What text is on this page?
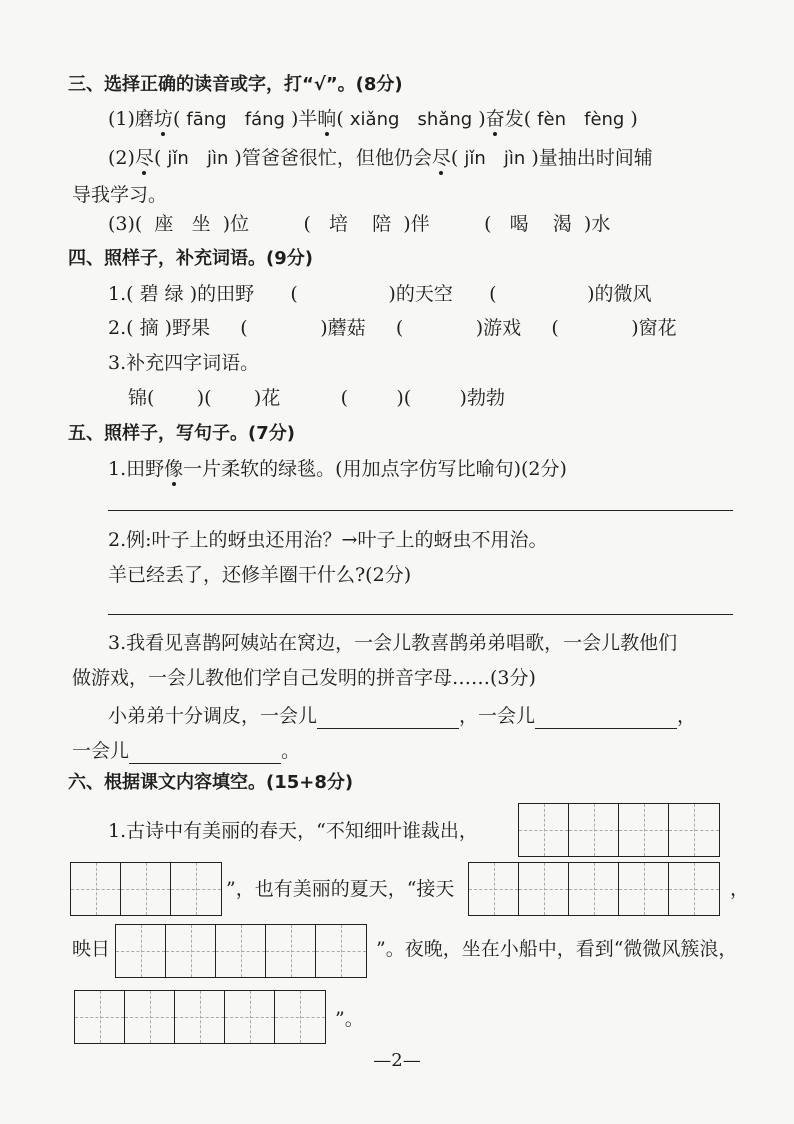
三、选择正确的读音或字，打“√”。(8分)
(1)磨坊( fāng fáng )半晌( xiǎng shǎng )奋发( fèn fèng )
(2)尽( jǐn jìn )管爸爸很忙，但他仍会尽( jǐn jìn )量抽出时间辅
导我学习。
(3)( 座 坐 )位	( 培 陪 )伴	( 喝 渴 )水
四、照样子，补充词语。(9分)
1.( 碧 绿 )的田野 (	)的天空 (	)的微风
2.( 摘 )野果 (	)蘑菇 (	)游戏 (	)窗花
3.补充四字词语。
锦( )( )花	(	)(	)勃勃
五、照样子，写句子。(7分)
1.田野像一片柔软的绿毯。(用加点字仿写比喻句)(2分)
2.例:叶子上的蚜虫还用治？→叶子上的蚜虫不用治。
羊已经丢了，还修羊圈干什么?(2分)
3.我看见喜鹊阿姨站在窝边，一会儿教喜鹊弟弟唱歌，一会儿教他们
做游戏，一会儿教他们学自己发明的拼音字母……(3分)
小弟弟十分调皮，一会儿	，一会儿	，
一会儿	。
六、根据课文内容填空。(15+8分)
1.古诗中有美丽的春天，“不知细叶谁裁出，
”，也有美丽的夏天，“接天	，
映日	”。夜晚，坐在小船中，看到“微微风簇浪，
”。
—2—
